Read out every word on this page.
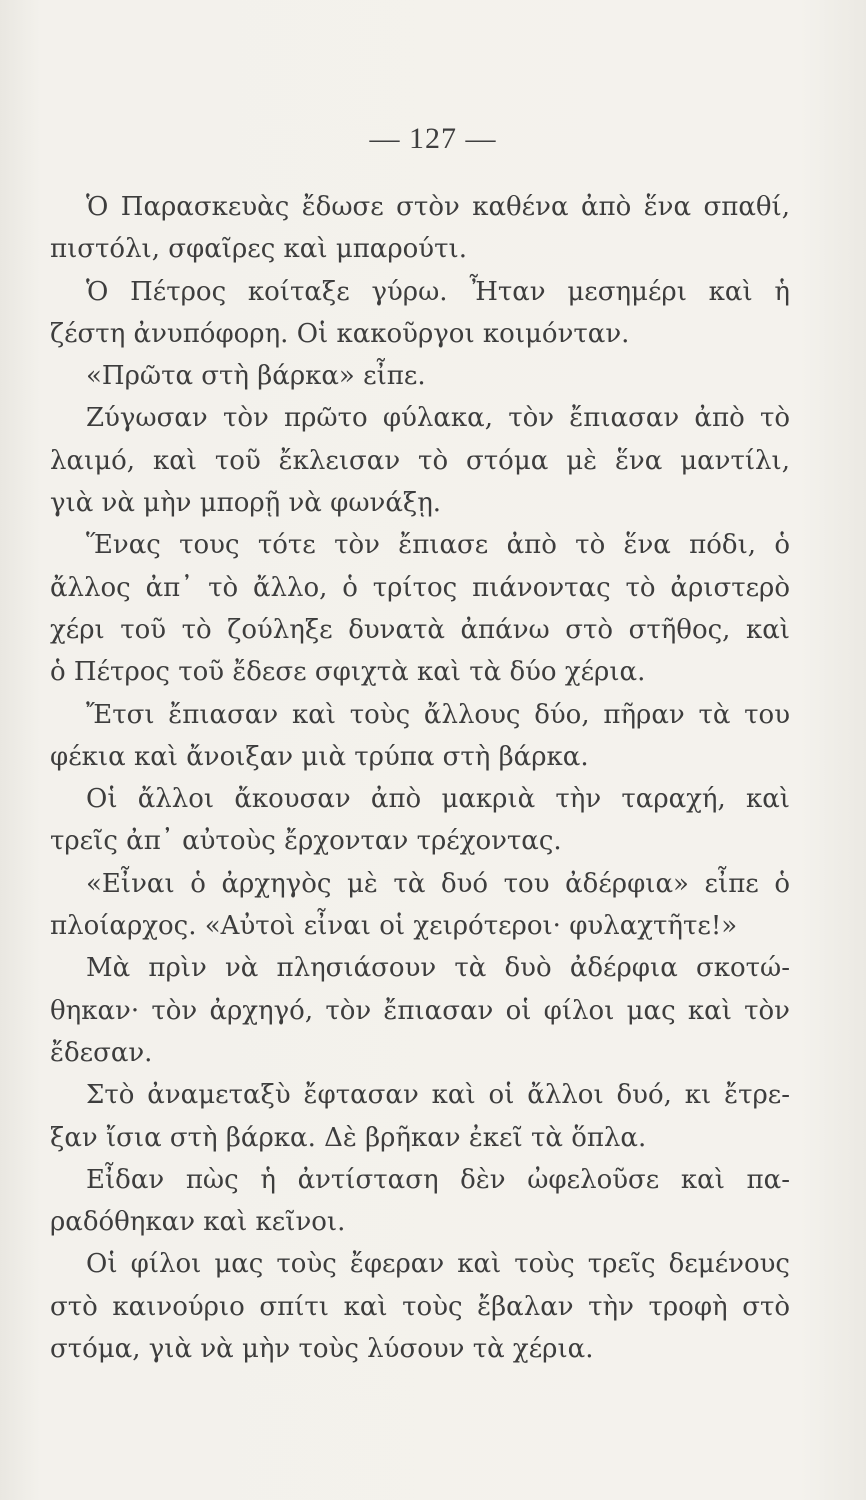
— 127 —
Ὁ Παρασκευὰς ἔδωσε στὸν καθένα ἀπὸ ἕνα σπαθί,
πιστόλι, σφαῖρες καὶ μπαρούτι.
Ὁ Πέτρος κοίταξε γύρω. Ἦταν μεσημέρι καὶ ἡ
ζέστη ἀνυπόφορη. Οἱ κακοῦργοι κοιμόνταν.
«Πρῶτα στὴ βάρκα» εἶπε.
Ζύγωσαν τὸν πρῶτο φύλακα, τὸν ἔπιασαν ἀπὸ τὸ
λαιμό, καὶ τοῦ ἔκλεισαν τὸ στόμα μὲ ἕνα μαντίλι,
γιὰ νὰ μὴν μπορῇ νὰ φωνάξῃ.
Ἕνας τους τότε τὸν ἔπιασε ἀπὸ τὸ ἕνα πόδι, ὁ
ἄλλος ἀπ᾿ τὸ ἄλλο, ὁ τρίτος πιάνοντας τὸ ἀριστερὸ
χέρι τοῦ τὸ ζούληξε δυνατὰ ἀπάνω στὸ στῆθος, καὶ
ὁ Πέτρος τοῦ ἔδεσε σφιχτὰ καὶ τὰ δύο χέρια.
Ἔτσι ἔπιασαν καὶ τοὺς ἄλλους δύο, πῆραν τὰ του
φέκια καὶ ἄνοιξαν μιὰ τρύπα στὴ βάρκα.
Οἱ ἄλλοι ἄκουσαν ἀπὸ μακριὰ τὴν ταραχή, καὶ
τρεῖς ἀπ᾿ αὐτοὺς ἔρχονταν τρέχοντας.
«Εἶναι ὁ ἀρχηγὸς μὲ τὰ δυό του ἀδέρφια» εἶπε ὁ
πλοίαρχος. «Αὐτοὶ εἶναι οἱ χειρότεροι· φυλαχτῆτε!»
Μὰ πρὶν νὰ πλησιάσουν τὰ δυὸ ἀδέρφια σκοτώ-
θηκαν· τὸν ἀρχηγό, τὸν ἔπιασαν οἱ φίλοι μας καὶ τὸν
ἔδεσαν.
Στὸ ἀναμεταξὺ ἔφτασαν καὶ οἱ ἄλλοι δυό, κι ἔτρε-
ξαν ἴσια στὴ βάρκα. Δὲ βρῆκαν ἐκεῖ τὰ ὅπλα.
Εἶδαν πὼς ἡ ἀντίσταση δὲν ὠφελοῦσε καὶ πα-
ραδόθηκαν καὶ κεῖνοι.
Οἱ φίλοι μας τοὺς ἔφεραν καὶ τοὺς τρεῖς δεμένους
στὸ καινούριο σπίτι καὶ τοὺς ἔβαλαν τὴν τροφὴ στὸ
στόμα, γιὰ νὰ μὴν τοὺς λύσουν τὰ χέρια.
